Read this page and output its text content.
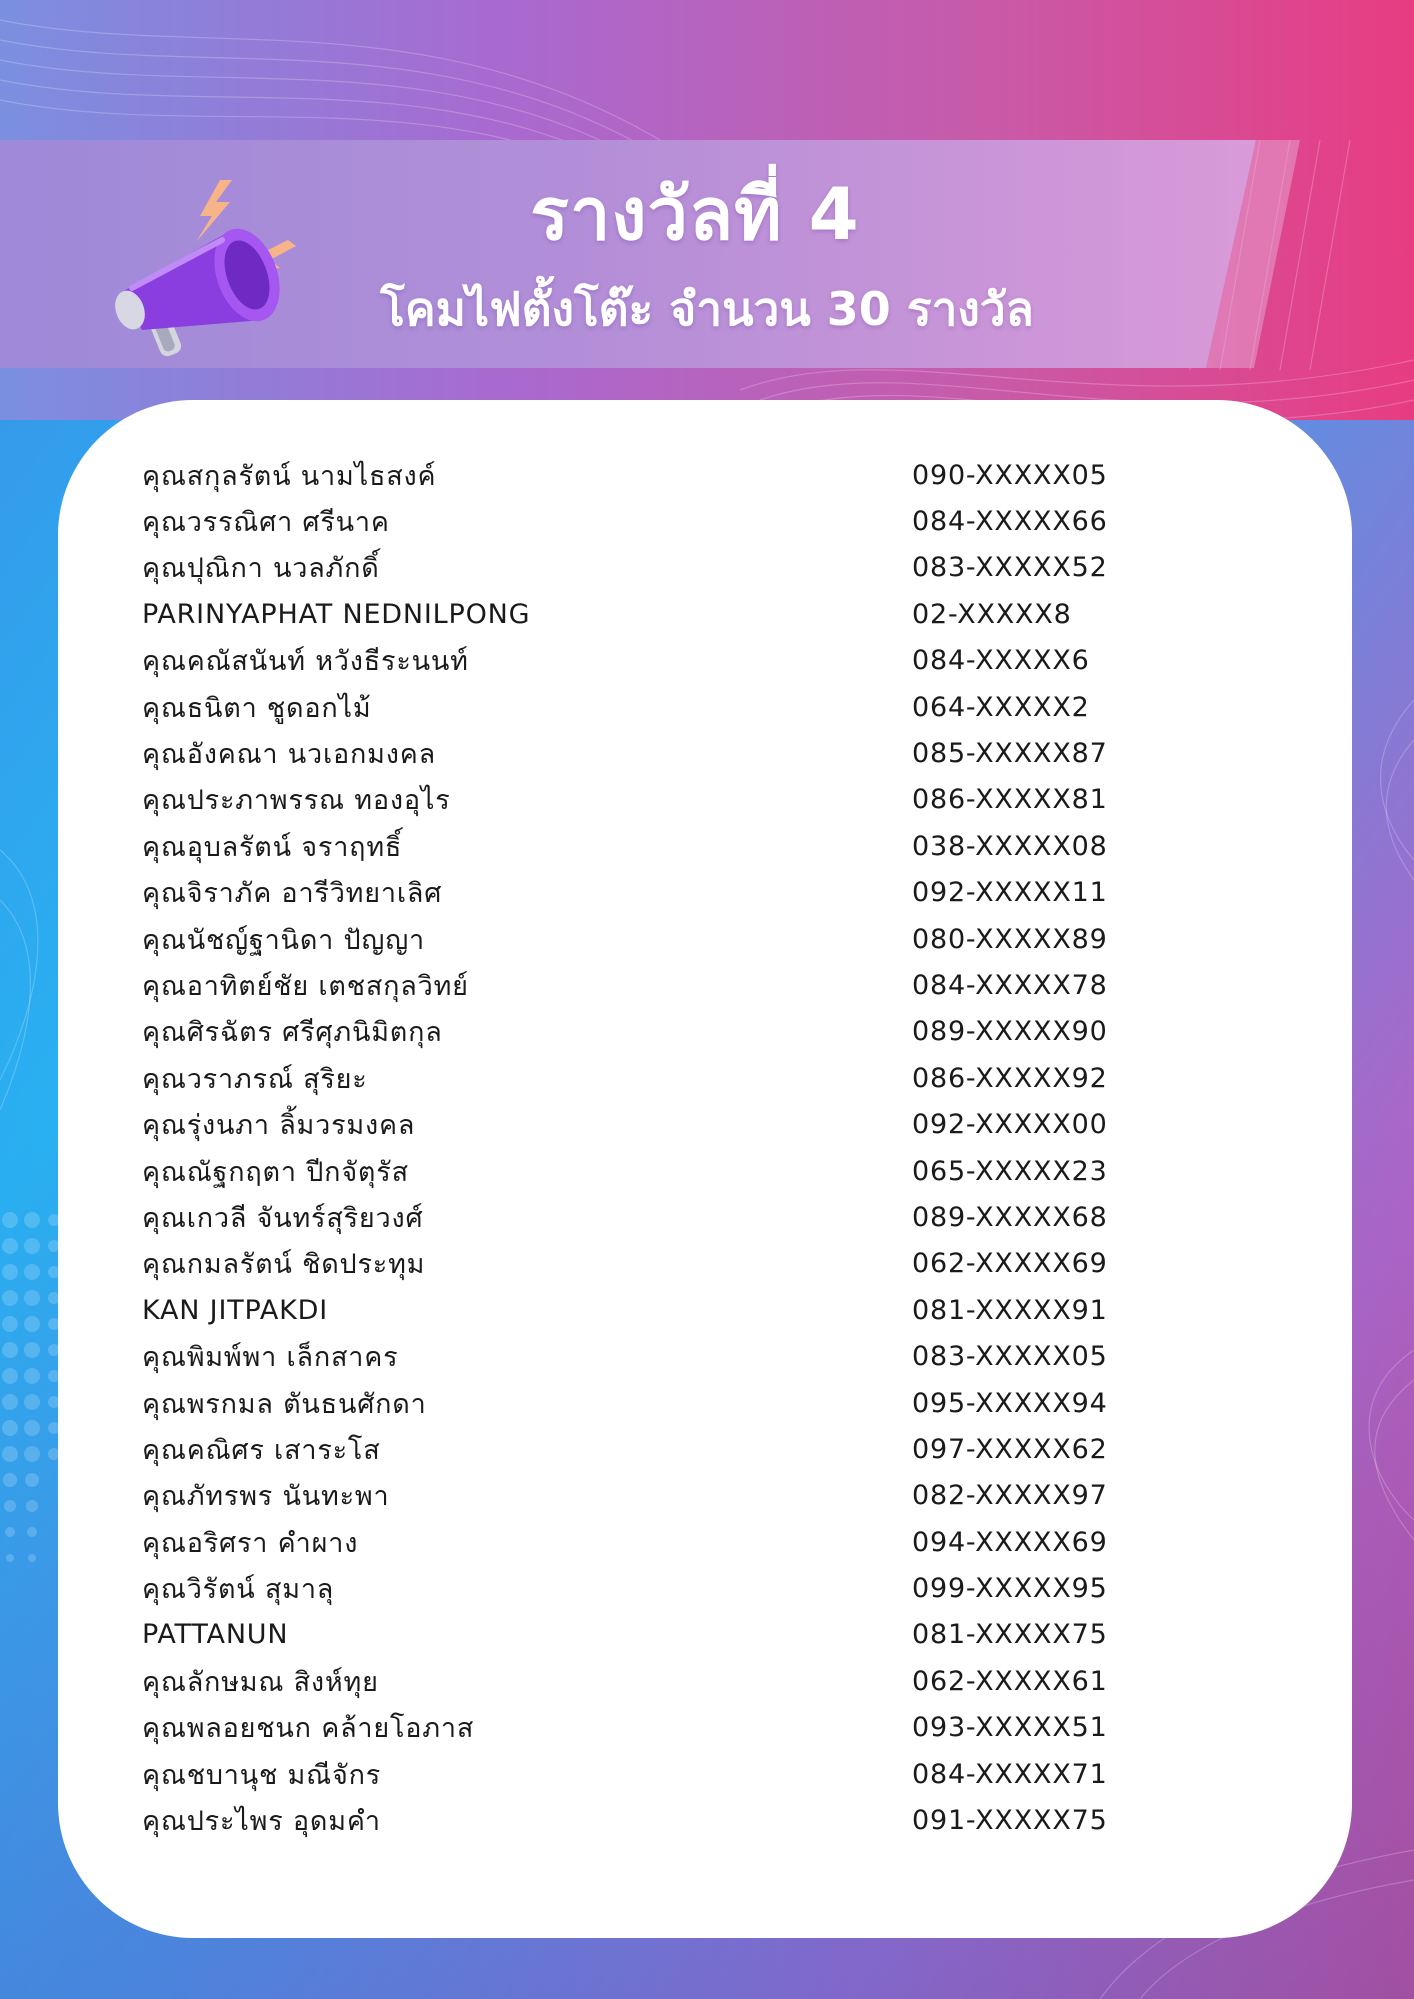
รางวัลที่ 4
โคมไฟตั้งโต๊ะ จำนวน 30 รางวัล
คุณสกุลรัตน์ นามไธสงค์	090-XXXXX05
คุณวรรณิศา ศรีนาค	084-XXXXX66
คุณปุณิกา นวลภักดิ์	083-XXXXX52
PARINYAPHAT NEDNILPONG	02-XXXXX8
คุณคณัสนันท์ หวังธีระนนท์	084-XXXXX6
คุณธนิตา ชูดอกไม้	064-XXXXX2
คุณอังคณา นวเอกมงคล	085-XXXXX87
คุณประภาพรรณ ทองอุไร	086-XXXXX81
คุณอุบลรัตน์ จราฤทธิ์	038-XXXXX08
คุณจิราภัค อารีวิทยาเลิศ	092-XXXXX11
คุณนัชญ์ฐานิดา ปัญญา	080-XXXXX89
คุณอาทิตย์ชัย เตชสกุลวิทย์	084-XXXXX78
คุณศิรฉัตร ศรีศุภนิมิตกุล	089-XXXXX90
คุณวราภรณ์ สุริยะ	086-XXXXX92
คุณรุ่งนภา ลิ้มวรมงคล	092-XXXXX00
คุณณัฐกฤตา ปีกจัตุรัส	065-XXXXX23
คุณเกวลี จันทร์สุริยวงศ์	089-XXXXX68
คุณกมลรัตน์ ชิดประทุม	062-XXXXX69
KAN JITPAKDI	081-XXXXX91
คุณพิมพ์พา เล็กสาคร	083-XXXXX05
คุณพรกมล ตันธนศักดา	095-XXXXX94
คุณคณิศร เสาระโส	097-XXXXX62
คุณภัทรพร นันทะพา	082-XXXXX97
คุณอริศรา คำผาง	094-XXXXX69
คุณวิรัตน์ สุมาลุ	099-XXXXX95
PATTANUN	081-XXXXX75
คุณลักษมณ สิงห์ทุย	062-XXXXX61
คุณพลอยชนก คล้ายโอภาส	093-XXXXX51
คุณชบานุช มณีจักร	084-XXXXX71
คุณประไพร อุดมคำ	091-XXXXX75
